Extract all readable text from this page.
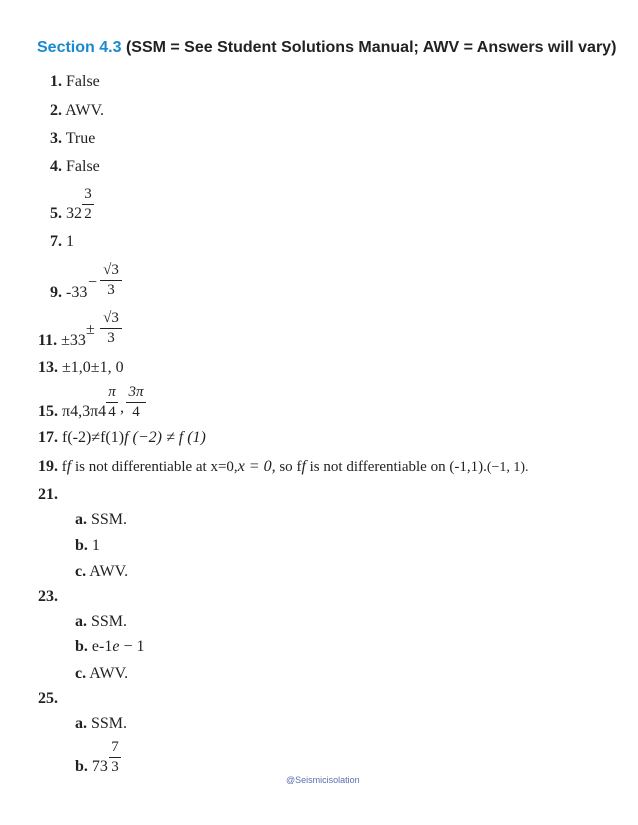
Section 4.3 (SSM = See Student Solutions Manual; AWV = Answers will vary)
1. False
2. AWV.
3. True
4. False
5. 32
3
2
7. 1
9. -33
−
√3
3
11. ±33
±
√3
3
13. ±1,0±1, 0
15. π4,3π4
π
4 ,
3π
4
17. f(-2)≠f(1)f (−2) ≠ f (1)
19. ff is not differentiable at x=0,x = 0, so ff is not differentiable on (-1,1).(−1, 1).
21.
a. SSM.
b. 1
c. AWV.
23.
a. SSM.
b. e-1e − 1
c. AWV.
25.
a. SSM.
b. 73
7
3
@Seismicisolation
